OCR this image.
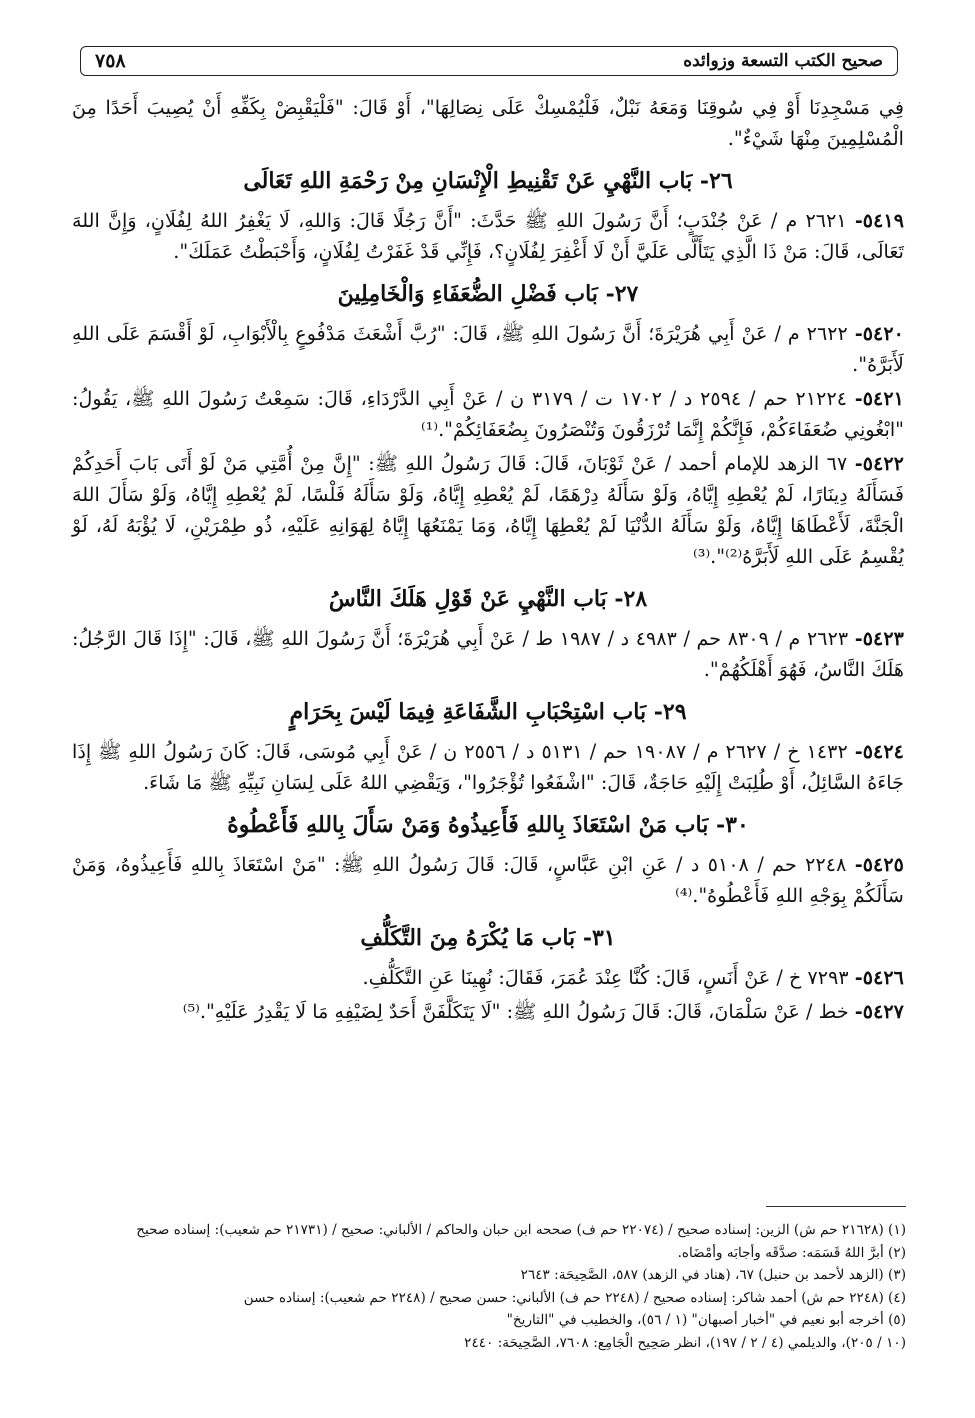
صحيح الكتب التسعة وزوائده
٧٥٨

فِي مَسْجِدِنَا أَوْ فِي سُوقِنَا وَمَعَهُ نَبْلٌ، فَلْيُمْسِكْ عَلَى نِصَالِهَا"، أَوْ قَالَ: "فَلْيَقْبِضْ بِكَفِّهِ أَنْ يُصِيبَ أَحَدًا مِنَ الْمُسْلِمِينَ مِنْهَا شَيْءٌ".

٢٦- بَاب النَّهْيِ عَنْ تَقْنِيطِ الْإِنْسَانِ مِنْ رَحْمَةِ اللهِ تَعَالَى

٥٤١٩- ٢٦٢١ م / عَنْ جُنْدَبٍ؛ أَنَّ رَسُولَ اللهِ ﷺ حَدَّثَ: "أَنَّ رَجُلًا قَالَ: وَاللهِ، لَا يَغْفِرُ اللهُ لِفُلَانٍ، وَإِنَّ اللهَ تَعَالَى، قَالَ: مَنْ ذَا الَّذِي يَتَأَلَّى عَلَيَّ أَنْ لَا أَغْفِرَ لِفُلَانٍ؟، فَإِنِّي قَدْ غَفَرْتُ لِفُلَانٍ، وَأَحْبَطْتُ عَمَلَكَ".

٢٧- بَاب فَضْلِ الضُّعَفَاءِ وَالْخَامِلِينَ

٥٤٢٠- ٢٦٢٢ م / عَنْ أَبِي هُرَيْرَةَ؛ أَنَّ رَسُولَ اللهِ ﷺ، قَالَ: "رُبَّ أَشْعَثَ مَدْفُوعٍ بِالْأَبْوَابِ، لَوْ أَقْسَمَ عَلَى اللهِ لَأَبَرَّهُ".

٥٤٢١- ٢١٢٢٤ حم / ٢٥٩٤ د / ١٧٠٢ ت / ٣١٧٩ ن / عَنْ أَبِي الدَّرْدَاءِ، قَالَ: سَمِعْتُ رَسُولَ اللهِ ﷺ، يَقُولُ: "ابْغُونِي ضُعَفَاءَكُمْ، فَإِنَّكُمْ إِنَّمَا تُرْزَقُونَ وَتُنْصَرُونَ بِضُعَفَائِكُمْ".⁽¹⁾

٥٤٢٢- ٦٧ الزهد للإمام أحمد / عَنْ ثَوْبَانَ، قَالَ: قَالَ رَسُولُ اللهِ ﷺ: "إِنَّ مِنْ أُمَّتِي مَنْ لَوْ أَتَى بَابَ أَحَدِكُمْ فَسَأَلَهُ دِينَارًا، لَمْ يُعْطِهِ إِيَّاهُ، وَلَوْ سَأَلَهُ دِرْهَمًا، لَمْ يُعْطِهِ إِيَّاهُ، وَلَوْ سَأَلَهُ فَلْسًا، لَمْ يُعْطِهِ إِيَّاهُ، وَلَوْ سَأَلَ اللهَ الْجَنَّةَ، لَأَعْطَاهَا إِيَّاهُ، وَلَوْ سَأَلَهُ الدُّنْيَا لَمْ يُعْطِهَا إِيَّاهُ، وَمَا يَمْنَعُهَا إِيَّاهُ لِهَوَانِهِ عَلَيْهِ، ذُو طِمْرَيْنِ، لَا يُؤْبَهُ لَهُ، لَوْ يُقْسِمُ عَلَى اللهِ لَأَبَرَّهُ⁽²⁾".⁽³⁾

٢٨- بَاب النَّهْيِ عَنْ قَوْلِ هَلَكَ النَّاسُ

٥٤٢٣- ٢٦٢٣ م / ٨٣٠٩ حم / ٤٩٨٣ د / ١٩٨٧ ط / عَنْ أَبِي هُرَيْرَةَ؛ أَنَّ رَسُولَ اللهِ ﷺ، قَالَ: "إِذَا قَالَ الرَّجُلُ: هَلَكَ النَّاسُ، فَهُوَ أَهْلَكُهُمْ".

٢٩- بَاب اسْتِحْبَابِ الشَّفَاعَةِ فِيمَا لَيْسَ بِحَرَامٍ

٥٤٢٤- ١٤٣٢ خ / ٢٦٢٧ م / ١٩٠٨٧ حم / ٥١٣١ د / ٢٥٥٦ ن / عَنْ أَبِي مُوسَى، قَالَ: كَانَ رَسُولُ اللهِ ﷺ إِذَا جَاءَهُ السَّائِلُ، أَوْ طُلِبَتْ إِلَيْهِ حَاجَةٌ، قَالَ: "اشْفَعُوا تُؤْجَرُوا"، وَيَقْضِي اللهُ عَلَى لِسَانِ نَبِيِّهِ ﷺ مَا شَاءَ.

٣٠- بَاب مَنْ اسْتَعَاذَ بِاللهِ فَأَعِيذُوهُ وَمَنْ سَأَلَ بِاللهِ فَأَعْطُوهُ

٥٤٢٥- ٢٢٤٨ حم / ٥١٠٨ د / عَنِ ابْنِ عَبَّاسٍ، قَالَ: قَالَ رَسُولُ اللهِ ﷺ: "مَنْ اسْتَعَاذَ بِاللهِ فَأَعِيذُوهُ، وَمَنْ سَأَلَكُمْ بِوَجْهِ اللهِ فَأَعْطُوهُ".⁽⁴⁾

٣١- بَاب مَا يُكْرَهُ مِنَ التَّكَلُّفِ

٥٤٢٦- ٧٢٩٣ خ / عَنْ أَنَسٍ، قَالَ: كُنَّا عِنْدَ عُمَرَ، فَقَالَ: نُهِينَا عَنِ التَّكَلُّفِ.

٥٤٢٧- خط / عَنْ سَلْمَانَ، قَالَ: قَالَ رَسُولُ اللهِ ﷺ: "لَا يَتَكَلَّفَنَّ أَحَدٌ لِضَيْفِهِ مَا لَا يَقْدِرُ عَلَيْهِ".⁽⁵⁾

(١) (٢١٦٢٨ حم ش) الزين: إسناده صحيح / (٢٢٠٧٤ حم ف) صححه ابن حبان والحاكم / الألباني: صحيح / (٢١٧٣١ حم شعيب): إسناده صحيح

(٢) أبرَّ اللهُ قَسَمَه: صدَّقَه وأجابَه وأمْضَاه.

(٣) (الزهد لأحمد بن حنبل) ٦٧، (هناد في الزهد) ٥٨٧، الصَّحِيحَة: ٢٦٤٣

(٤) (٢٢٤٨ حم ش) أحمد شاكر: إسناده صحيح / (٢٢٤٨ حم ف) الألباني: حسن صحيح / (٢٢٤٨ حم شعيب): إسناده حسن

(٥) أخرجه أبو نعيم في "أخبار أصبهان" (١ / ٥٦)، والخطيب في "التاريخ"

(١٠ / ٢٠٥)، والديلمي (٤ / ٢ / ١٩٧)، انظر صَحِيح الْجَامِع: ٧٦٠٨، الصَّحِيحَة: ٢٤٤٠
